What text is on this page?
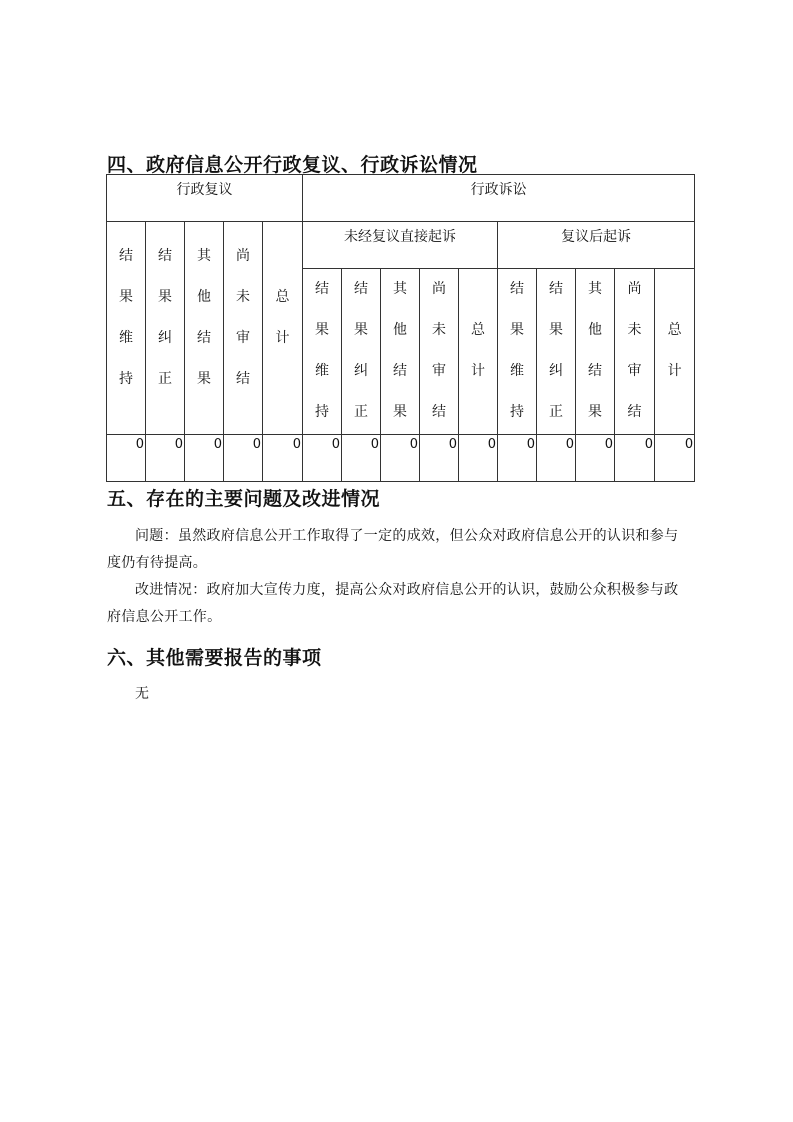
四、政府信息公开行政复议、行政诉讼情况
行政复议					行政诉讼									

结果维持	结果纠正	其他结果	尚未审结	总计	未经复议直接起诉					复议后起诉				

					结果维持	结果纠正	其他结果	尚未审结	总计	结果维持	结果纠正	其他结果	尚未审结	总计

0	0	0	0	0	0	0	0	0	0	0	0	0	0	0
五、存在的主要问题及改进情况
问题：虽然政府信息公开工作取得了一定的成效，但公众对政府信息公开的认识和参与度仍有待提高。
改进情况：政府加大宣传力度，提高公众对政府信息公开的认识，鼓励公众积极参与政府信息公开工作。
六、其他需要报告的事项
无
